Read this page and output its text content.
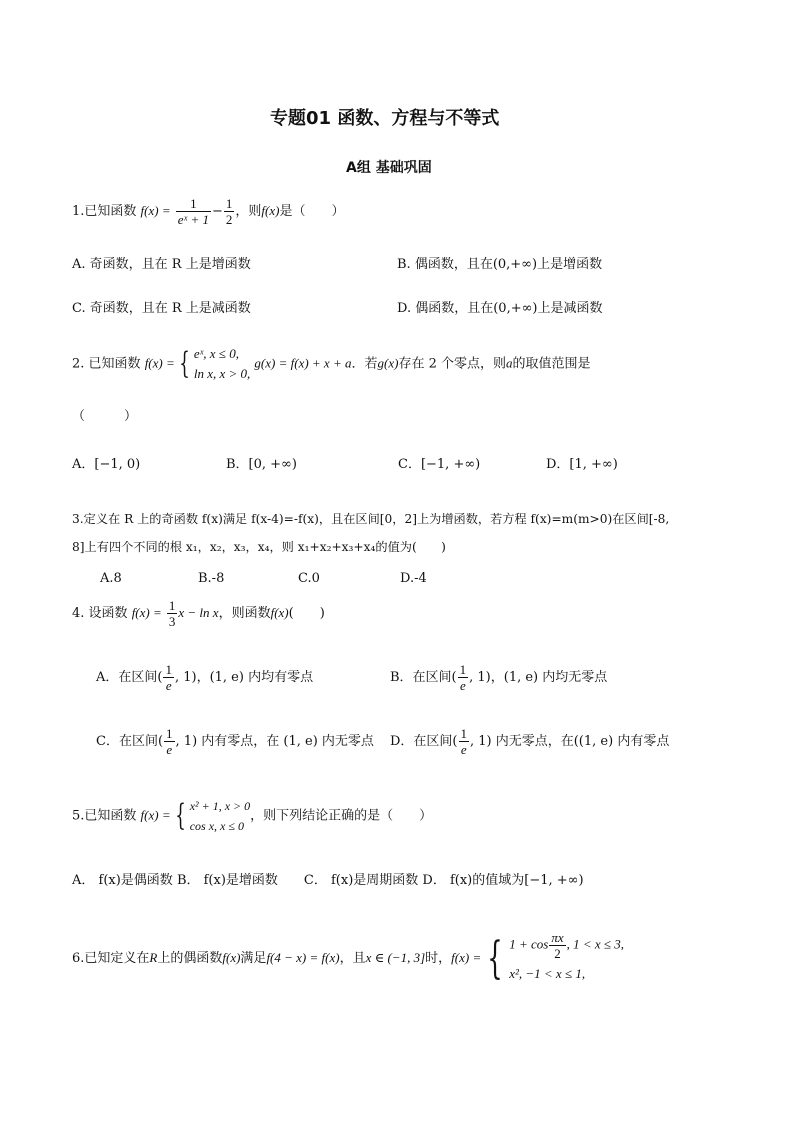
专题01 函数、方程与不等式
A组 基础巩固
1.已知函数 $f(x) = \frac{1}{\text{eˣ + 1}} - \frac{1}{2}$ ，则f(x)是（　　）
A. 奇函数，且在 R 上是增函数	B. 偶函数，且在(0,+∞)上是增函数
C. 奇函数，且在 R 上是减函数	D. 偶函数，且在(0,+∞)上是减函数
2. 已知函数 f(x) = { eˣ, x ≤ 0,
ln x, x > 0,
g(x) = f(x) + x + a．若g(x)存在 2 个零点，则a的取值范围是
（　　　）
A．[−1, 0)	B．[0, +∞)	C．[−1, +∞)	D．[1, +∞)
3.定义在 R 上的奇函数 f(x)满足 f(x-4)=-f(x)，且在区间[0，2]上为增函数，若方程 f(x)=m(m>0)在区间[-8,
8]上有四个不同的根 x₁，x₂，x₃，x₄，则 x₁+x₂+x₃+x₄的值为(　　)
A.8	B.-8	C.0	D.-4
4. 设函数 $f(x) = \frac{1}{3}$ x − ln x，则函数f(x)(　　)
A．在区间( $\frac{1}{e}$ , 1)，(1, e) 内均有零点	B．在区间( $\frac{1}{e}$ , 1)，(1, e) 内均无零点
C．在区间( $\frac{1}{e}$ , 1) 内有零点，在 (1, e) 内无零点 D．在区间( $\frac{1}{e}$ , 1) 内无零点，在((1, e) 内有零点
5.已知函数 f(x) = { x² + 1, x > 0
cos x, x ≤ 0
，则下列结论正确的是（　　）
A． f(x)是偶函数 B． f(x)是增函数　　C． f(x)是周期函数 D． f(x)的值域为[−1, +∞)
6.已知定义在R上的偶函数f(x)满足f(4 − x) = f(x)，且x ∈ (−1, 3]时，f(x) = { $1 + \cos \frac{\pi x}{2}$ , 1 < x ≤ 3,
x², −1 < x ≤ 1,
